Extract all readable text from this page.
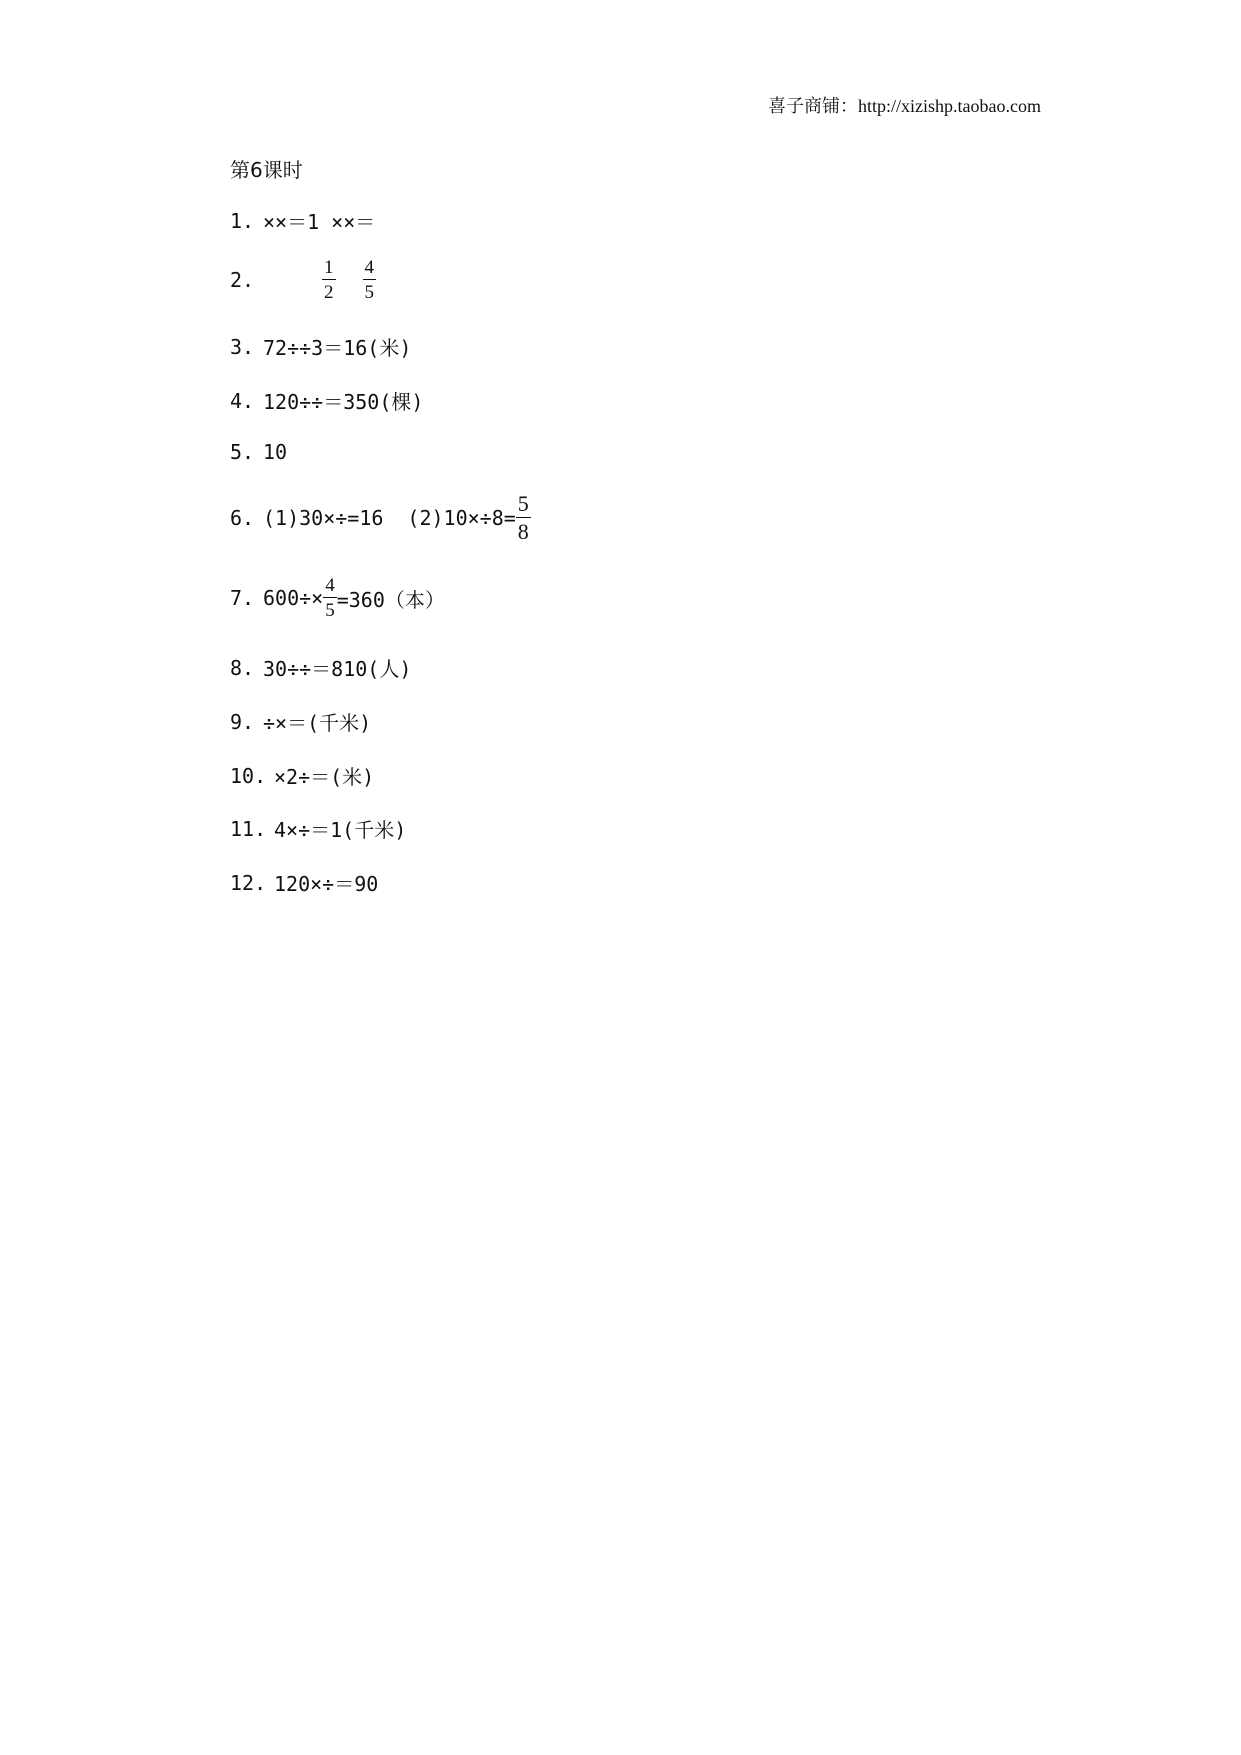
喜子商铺：http://xizishp.taobao.com
第6课时
1. ××＝1 ××＝
2.	$\frac{1}{2} \frac{4}{5}$
3. 72÷÷3＝16(米)
4. 120÷÷＝350(棵)
5. 10
6. (1)30×÷=16 $(2)10\times\div 8= \frac{5}{8}$
7. $600\div\times \frac{4}{5} =360$（本）
8. 30÷÷＝810(人)
9. ÷×＝(千米)
10. ×2÷＝(米)
11. 4×÷＝1(千米)
12. 120×÷＝90
